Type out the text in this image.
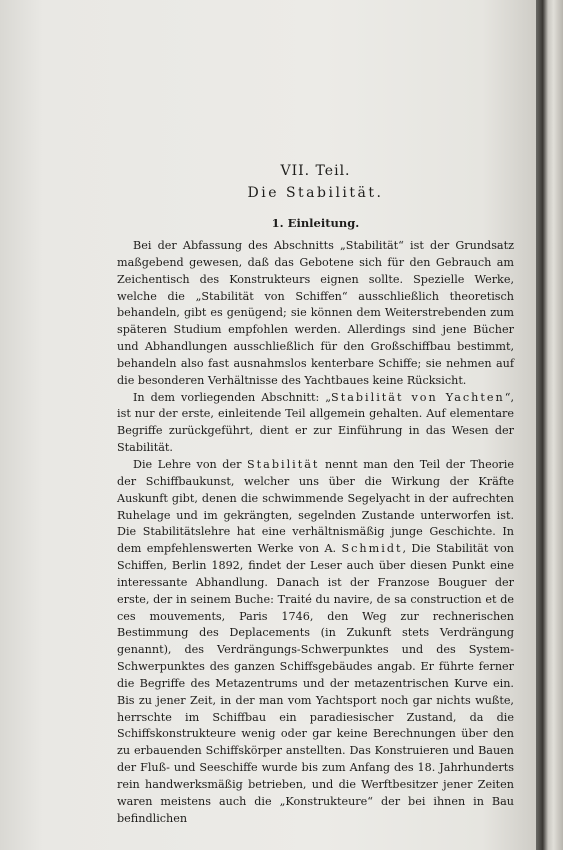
VII. Teil.
Die Stabilität.
1. Einleitung.

Bei der Abfassung des Abschnitts „Stabilität“ ist der Grundsatz maßgebend gewesen, daß das Gebotene sich für den Gebrauch am Zeichentisch des Konstrukteurs eignen sollte. Spezielle Werke, welche die „Stabilität von Schiffen“ ausschließlich theoretisch behandeln, gibt es genügend; sie können dem Weiterstrebenden zum späteren Studium empfohlen werden. Allerdings sind jene Bücher und Abhandlungen ausschließlich für den Großschiffbau bestimmt, behandeln also fast ausnahmslos kenterbare Schiffe; sie nehmen auf die besonderen Verhältnisse des Yachtbaues keine Rücksicht.

In dem vorliegenden Abschnitt: „Stabilität von Yachten“, ist nur der erste, einleitende Teil allgemein gehalten. Auf elementare Begriffe zurückgeführt, dient er zur Einführung in das Wesen der Stabilität.

Die Lehre von der Stabilität nennt man den Teil der Theorie der Schiffbaukunst, welcher uns über die Wirkung der Kräfte Auskunft gibt, denen die schwimmende Segelyacht in der aufrechten Ruhelage und im gekrängten, segelnden Zustande unterworfen ist. Die Stabilitätslehre hat eine verhältnismäßig junge Geschichte. In dem empfehlenswerten Werke von A. Schmidt, Die Stabilität von Schiffen, Berlin 1892, findet der Leser auch über diesen Punkt eine interessante Abhandlung. Danach ist der Franzose Bouguer der erste, der in seinem Buche: Traité du navire, de sa construction et de ces mouvements, Paris 1746, den Weg zur rechnerischen Bestimmung des Deplacements (in Zukunft stets Verdrängung genannt), des Verdrängungs-Schwerpunktes und des System-Schwerpunktes des ganzen Schiffsgebäudes angab. Er führte ferner die Begriffe des Metazentrums und der metazentrischen Kurve ein. Bis zu jener Zeit, in der man vom Yachtsport noch gar nichts wußte, herrschte im Schiffbau ein paradiesischer Zustand, da die Schiffskonstrukteure wenig oder gar keine Berechnungen über den zu erbauenden Schiffskörper anstellten. Das Konstruieren und Bauen der Fluß- und Seeschiffe wurde bis zum Anfang des 18. Jahrhunderts rein handwerksmäßig betrieben, und die Werftbesitzer jener Zeiten waren meistens auch die „Konstrukteure“ der bei ihnen in Bau befindlichen
